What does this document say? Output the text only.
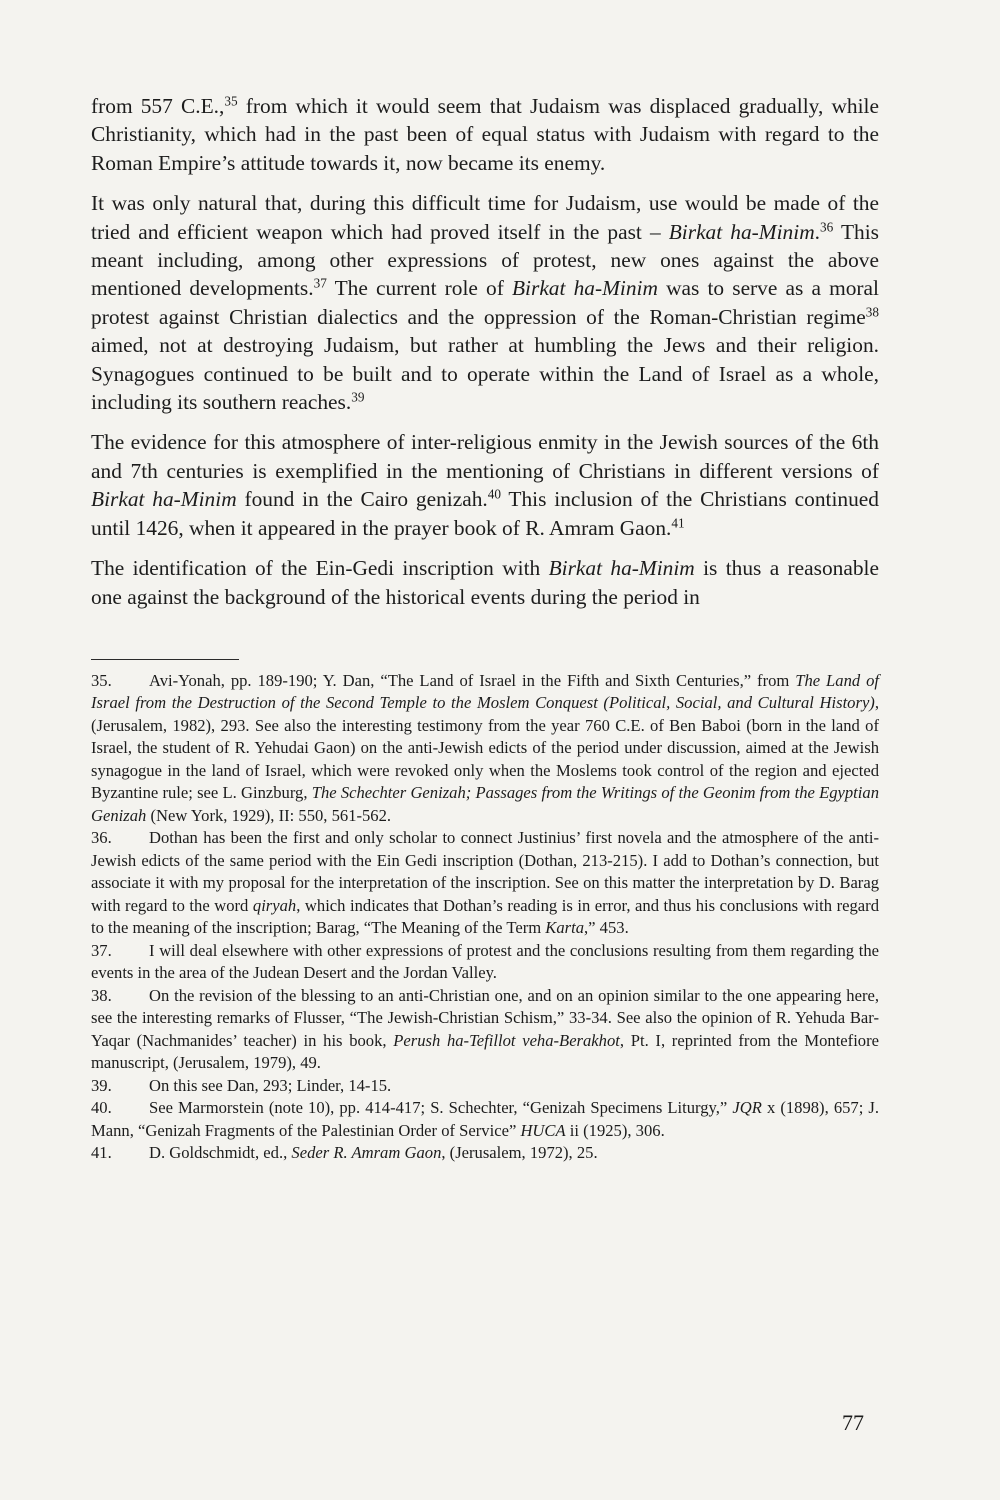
from 557 C.E.,$^{35}$ from which it would seem that Judaism was displaced gradually, while Christianity, which had in the past been of equal status with Judaism with regard to the Roman Empire’s attitude towards it, now became its enemy.

It was only natural that, during this difficult time for Judaism, use would be made of the tried and efficient weapon which had proved itself in the past – Birkat ha-Minim.$^{36}$ This meant including, among other expressions of protest, new ones against the above mentioned developments.$^{37}$ The current role of Birkat ha-Minim was to serve as a moral protest against Christian dialectics and the oppression of the Roman-Christian regime$^{38}$ aimed, not at destroying Judaism, but rather at humbling the Jews and their religion. Synagogues continued to be built and to operate within the Land of Israel as a whole, including its southern reaches.$^{39}$

The evidence for this atmosphere of inter-religious enmity in the Jewish sources of the 6th and 7th centuries is exemplified in the mentioning of Christians in different versions of Birkat ha-Minim found in the Cairo genizah.$^{40}$ This inclusion of the Christians continued until 1426, when it appeared in the prayer book of R. Amram Gaon.$^{41}$

The identification of the Ein-Gedi inscription with Birkat ha-Minim is thus a reasonable one against the background of the historical events during the period in

35. Avi-Yonah, pp. 189-190; Y. Dan, “The Land of Israel in the Fifth and Sixth Centuries,” from The Land of Israel from the Destruction of the Second Temple to the Moslem Conquest (Political, Social, and Cultural History), (Jerusalem, 1982), 293. See also the interesting testimony from the year 760 C.E. of Ben Baboi (born in the land of Israel, the student of R. Yehudai Gaon) on the anti-Jewish edicts of the period under discussion, aimed at the Jewish synagogue in the land of Israel, which were revoked only when the Moslems took control of the region and ejected Byzantine rule; see L. Ginzburg, The Schechter Genizah; Passages from the Writings of the Geonim from the Egyptian Genizah (New York, 1929), II: 550, 561-562.

36. Dothan has been the first and only scholar to connect Justinius’ first novela and the atmosphere of the anti-Jewish edicts of the same period with the Ein Gedi inscription (Dothan, 213-215). I add to Dothan’s connection, but associate it with my proposal for the interpretation of the inscription. See on this matter the interpretation by D. Barag with regard to the word qiryah, which indicates that Dothan’s reading is in error, and thus his conclusions with regard to the meaning of the inscription; Barag, “The Meaning of the Term Karta,” 453.

37. I will deal elsewhere with other expressions of protest and the conclusions resulting from them regarding the events in the area of the Judean Desert and the Jordan Valley.

38. On the revision of the blessing to an anti-Christian one, and on an opinion similar to the one appearing here, see the interesting remarks of Flusser, “The Jewish-Christian Schism,” 33-34. See also the opinion of R. Yehuda Bar-Yaqar (Nachmanides’ teacher) in his book, Perush ha-Tefillot veha-Berakhot, Pt. I, reprinted from the Montefiore manuscript, (Jerusalem, 1979), 49.

39. On this see Dan, 293; Linder, 14-15.

40. See Marmorstein (note 10), pp. 414-417; S. Schechter, “Genizah Specimens Liturgy,” JQR x (1898), 657; J. Mann, “Genizah Fragments of the Palestinian Order of Service” HUCA ii (1925), 306.

41. D. Goldschmidt, ed., Seder R. Amram Gaon, (Jerusalem, 1972), 25.

77
